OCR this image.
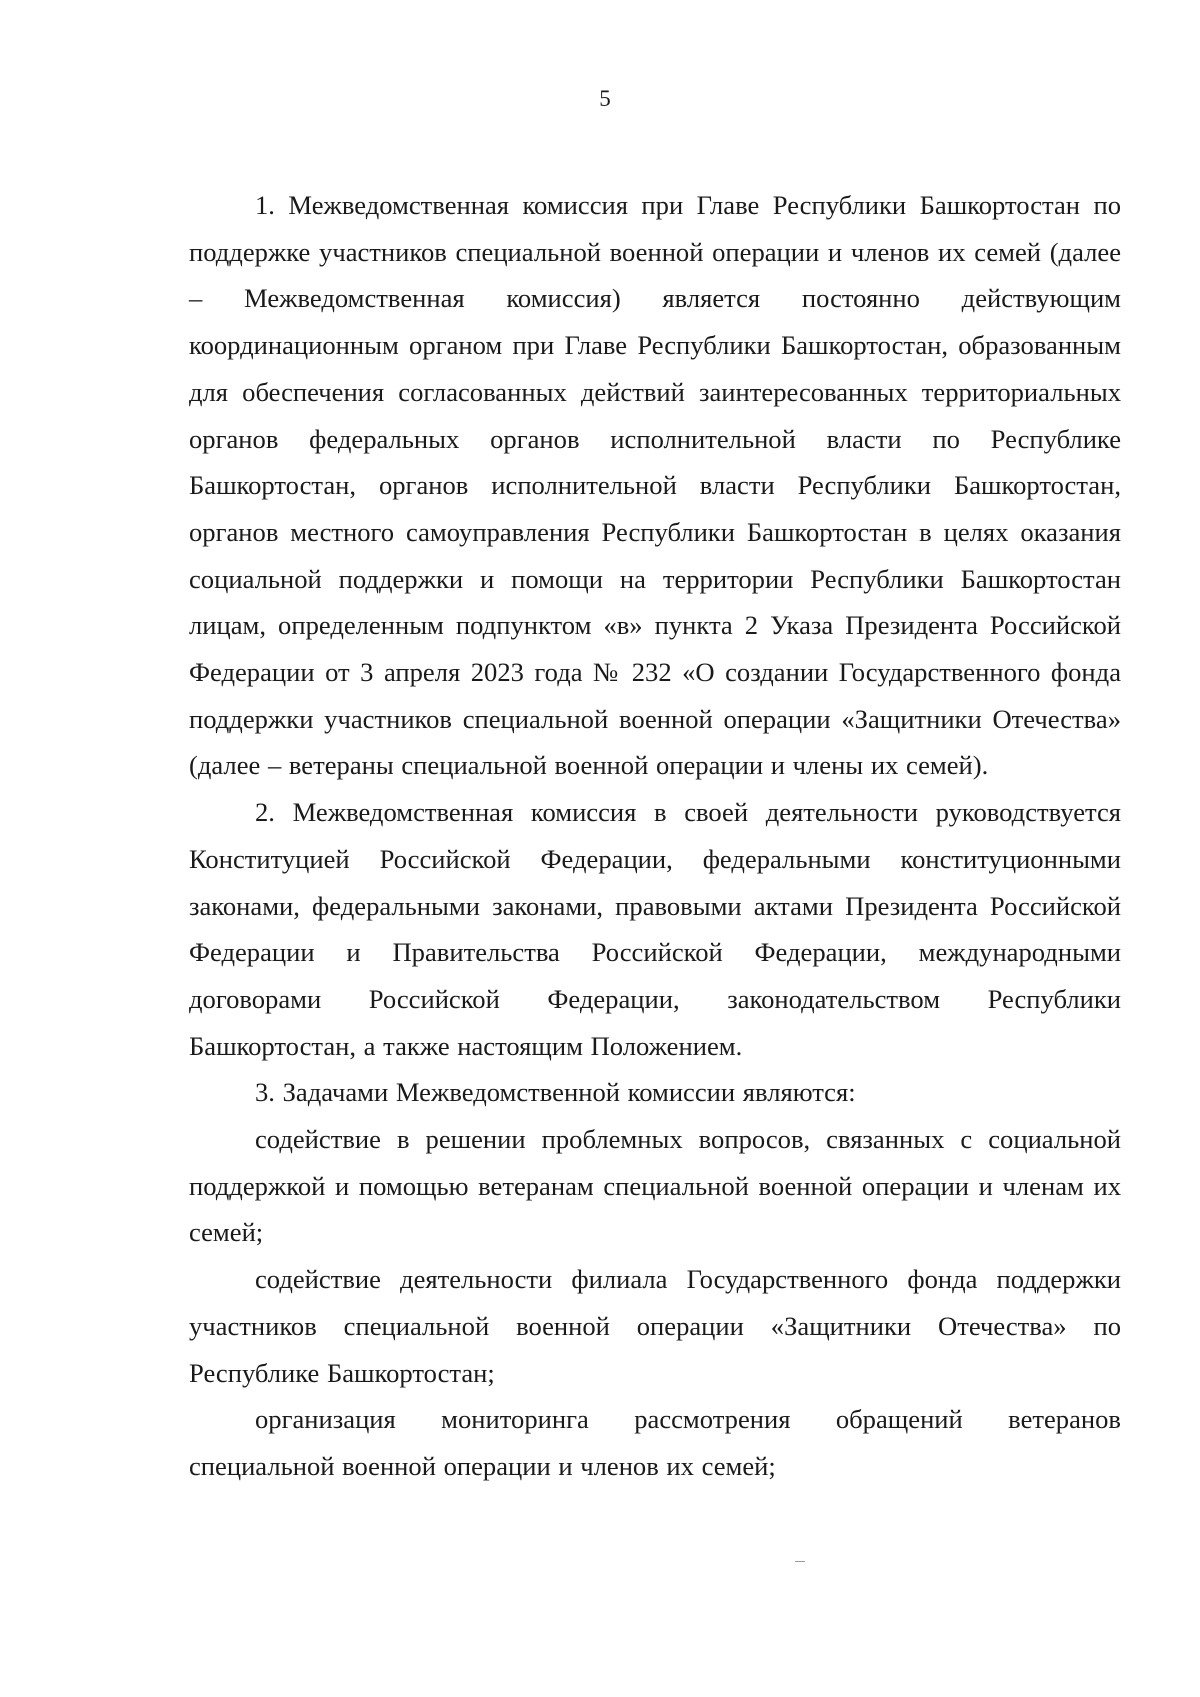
5

1. Межведомственная комиссия при Главе Республики Башкортостан по поддержке участников специальной военной операции и членов их семей (далее – Межведомственная комиссия) является постоянно действующим координационным органом при Главе Республики Башкортостан, образованным для обеспечения согласованных действий заинтересованных территориальных органов федеральных органов исполнительной власти по Республике Башкортостан, органов исполнительной власти Республики Башкортостан, органов местного самоуправления Республики Башкортостан в целях оказания социальной поддержки и помощи на территории Республики Башкортостан лицам, определенным подпунктом «в» пункта 2 Указа Президента Российской Федерации от 3 апреля 2023 года № 232 «О создании Государственного фонда поддержки участников специальной военной операции «Защитники Отечества» (далее – ветераны специальной военной операции и члены их семей).

2. Межведомственная комиссия в своей деятельности руководствуется Конституцией Российской Федерации, федеральными конституционными законами, федеральными законами, правовыми актами Президента Российской Федерации и Правительства Российской Федерации, международными договорами Российской Федерации, законодательством Республики Башкортостан, а также настоящим Положением.

3. Задачами Межведомственной комиссии являются:

содействие в решении проблемных вопросов, связанных с социальной поддержкой и помощью ветеранам специальной военной операции и членам их семей;

содействие деятельности филиала Государственного фонда поддержки участников специальной военной операции «Защитники Отечества» по Республике Башкортостан;

организация мониторинга рассмотрения обращений ветеранов специальной военной операции и членов их семей;
